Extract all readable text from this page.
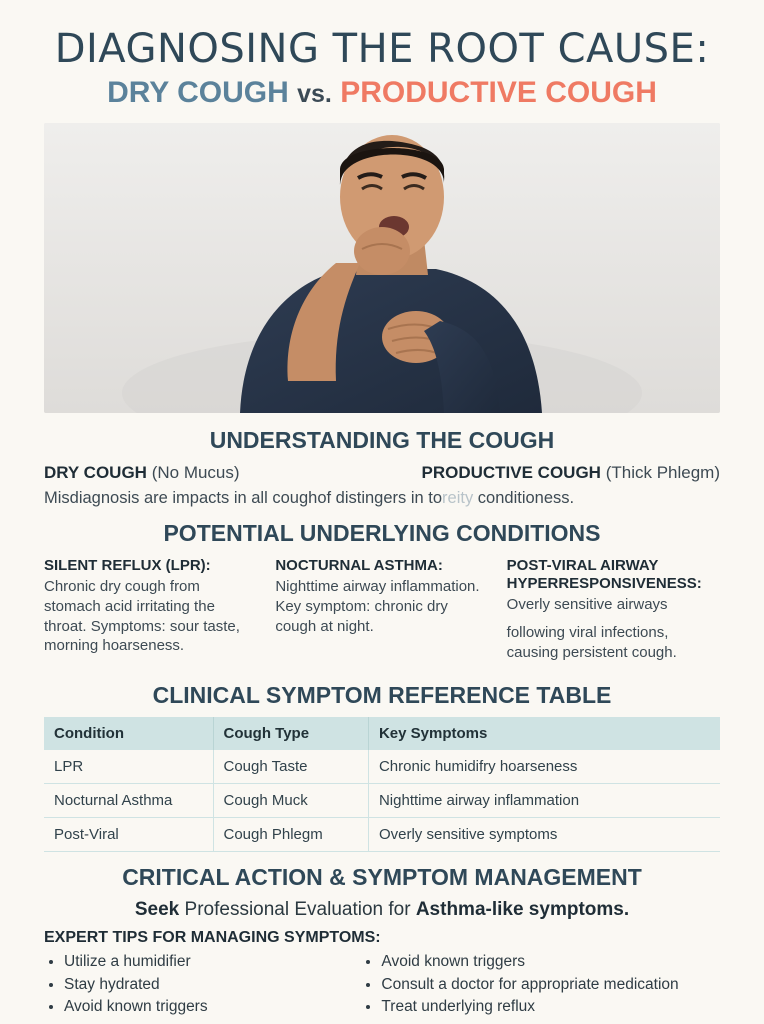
DIAGNOSING THE ROOT CAUSE:
DRY COUGH vs. PRODUCTIVE COUGH
UNDERSTANDING THE COUGH
DRY COUGH (No Mucus)	PRODUCTIVE COUGH (Thick Phlegm)
Misdiagnosis are impacts in all coughof distingers in toreity conditioness.
POTENTIAL UNDERLYING CONDITIONS
SILENT REFLUX (LPR):

Chronic dry cough from stomach acid irritating the throat. Symptoms: sour taste, morning hoarseness.

NOCTURNAL ASTHMA:

Nighttime airway inflammation. Key symptom: chronic dry cough at night.

POST-VIRAL AIRWAY HYPERRESPONSIVENESS:

Overly sensitive airways

following viral infections, causing persistent cough.

CLINICAL SYMPTOM REFERENCE TABLE
Condition	Cough Type	Key Symptoms
LPR	Cough Taste	Chronic humidifry hoarseness
Nocturnal Asthma	Cough Muck	Nighttime airway inflammation
Post-Viral	Cough Phlegm	Overly sensitive symptoms
CRITICAL ACTION & SYMPTOM MANAGEMENT
Seek Professional Evaluation for Asthma-like symptoms.
EXPERT TIPS FOR MANAGING SYMPTOMS:
• Utilize a humidifier
• Stay hydrated
• Avoid known triggers
• Avoid known triggers
• Consult a doctor for appropriate medication
• Treat underlying reflux
